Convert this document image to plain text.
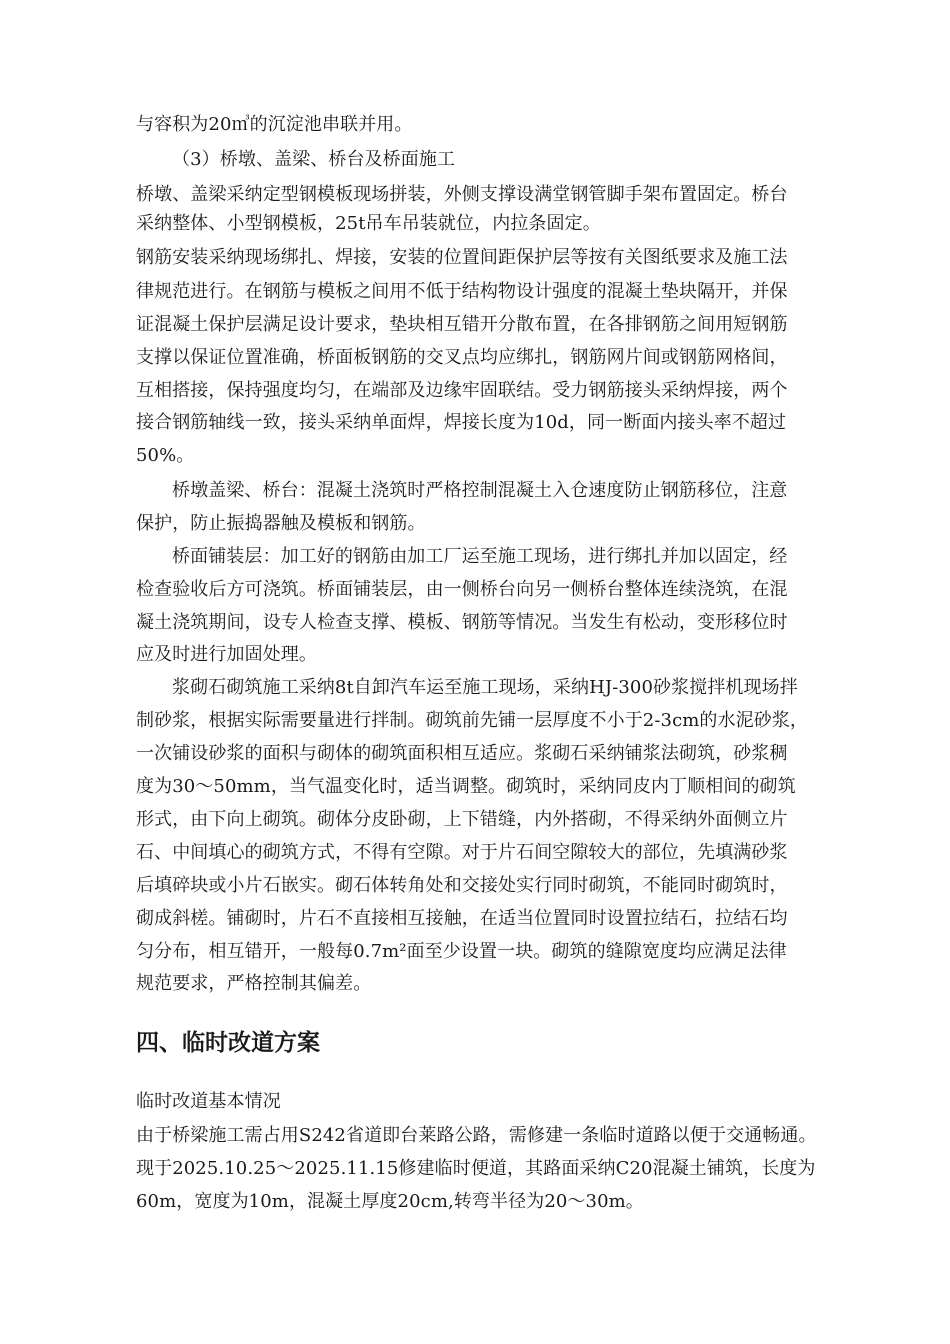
与容积为20㎥的沉淀池串联并用。
（3）桥墩、盖梁、桥台及桥面施工
桥墩、盖梁采纳定型钢模板现场拼装，外侧支撑设满堂钢管脚手架布置固定。桥台
采纳整体、小型钢模板，25t吊车吊装就位，内拉条固定。
钢筋安装采纳现场绑扎、焊接，安装的位置间距保护层等按有关图纸要求及施工法
律规范进行。在钢筋与模板之间用不低于结构物设计强度的混凝土垫块隔开，并保
证混凝土保护层满足设计要求，垫块相互错开分散布置，在各排钢筋之间用短钢筋
支撑以保证位置准确，桥面板钢筋的交叉点均应绑扎，钢筋网片间或钢筋网格间，
互相搭接，保持强度均匀，在端部及边缘牢固联结。受力钢筋接头采纳焊接，两个
接合钢筋轴线一致，接头采纳单面焊，焊接长度为10d，同一断面内接头率不超过
50%。
桥墩盖梁、桥台：混凝土浇筑时严格控制混凝土入仓速度防止钢筋移位，注意
保护，防止振捣器触及模板和钢筋。
桥面铺装层：加工好的钢筋由加工厂运至施工现场，进行绑扎并加以固定，经
检查验收后方可浇筑。桥面铺装层，由一侧桥台向另一侧桥台整体连续浇筑，在混
凝土浇筑期间，设专人检查支撑、模板、钢筋等情况。当发生有松动，变形移位时
应及时进行加固处理。
浆砌石砌筑施工采纳8t自卸汽车运至施工现场，采纳HJ-300砂浆搅拌机现场拌
制砂浆，根据实际需要量进行拌制。砌筑前先铺一层厚度不小于2-3cm的水泥砂浆，
一次铺设砂浆的面积与砌体的砌筑面积相互适应。浆砌石采纳铺浆法砌筑，砂浆稠
度为30～50mm，当气温变化时，适当调整。砌筑时，采纳同皮内丁顺相间的砌筑
形式，由下向上砌筑。砌体分皮卧砌，上下错缝，内外搭砌，不得采纳外面侧立片
石、中间填心的砌筑方式，不得有空隙。对于片石间空隙较大的部位，先填满砂浆
后填碎块或小片石嵌实。砌石体转角处和交接处实行同时砌筑，不能同时砌筑时，
砌成斜槎。铺砌时，片石不直接相互接触，在适当位置同时设置拉结石，拉结石均
匀分布，相互错开，一般每0.7m²面至少设置一块。砌筑的缝隙宽度均应满足法律
规范要求，严格控制其偏差。
四、临时改道方案
临时改道基本情况
由于桥梁施工需占用S242省道即台莱路公路，需修建一条临时道路以便于交通畅通。
现于2025.10.25～2025.11.15修建临时便道，其路面采纳C20混凝土铺筑，长度为
60m，宽度为10m，混凝土厚度20cm,转弯半径为20～30m。
